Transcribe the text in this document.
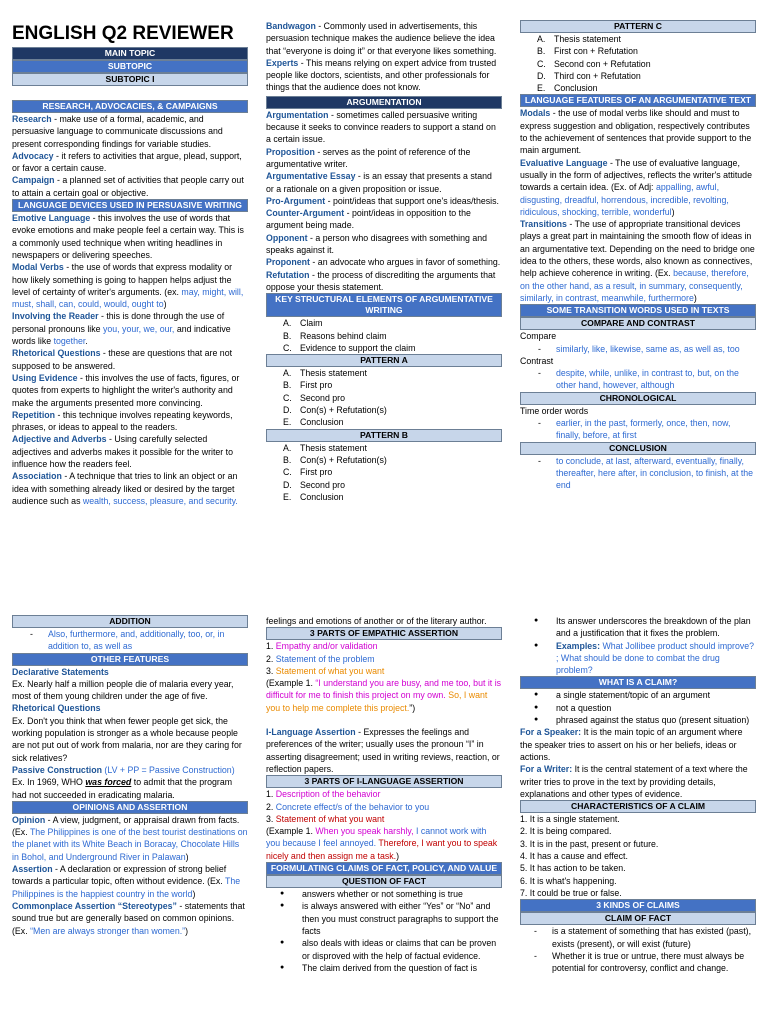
ENGLISH Q2 REVIEWER
MAIN TOPIC
SUBTOPIC
SUBTOPIC I
RESEARCH, ADVOCACIES, & CAMPAIGNS

Research - make use of a formal, academic, and persuasive language to communicate discussions and present corresponding findings for variable studies.

Advocacy - it refers to activities that argue, plead, support, or favor a certain cause.

Campaign - a planned set of activities that people carry out to attain a certain goal or objective.

LANGUAGE DEVICES USED IN PERSUASIVE WRITING

Emotive Language - this involves the use of words that evoke emotions and make people feel a certain way. This is a commonly used technique when writing headlines in newspapers or delivering speeches.

Modal Verbs - the use of words that express modality or how likely something is going to happen helps adjust the level of certainty of writer's arguments. (ex. may, might, will, must, shall, can, could, would, ought to)

Involving the Reader - this is done through the use of personal pronouns like you, your, we, our, and indicative words like together.

Rhetorical Questions - these are questions that are not supposed to be answered.

Using Evidence - this involves the use of facts, figures, or quotes from experts to highlight the writer's authority and make the arguments presented more convincing.

Repetition - this technique involves repeating keywords, phrases, or ideas to appeal to the readers.

Adjective and Adverbs - Using carefully selected adjectives and adverbs makes it possible for the writer to influence how the readers feel.

Association - A technique that tries to link an object or an idea with something already liked or desired by the target audience such as wealth, success, pleasure, and security.

Bandwagon - Commonly used in advertisements, this persuasion technique makes the audience believe the idea that “everyone is doing it” or that everyone likes something.

Experts - This means relying on expert advice from trusted people like doctors, scientists, and other professionals for things that the audience does not know.

ARGUMENTATION

Argumentation - sometimes called persuasive writing because it seeks to convince readers to support a stand on a certain issue.

Proposition - serves as the point of reference of the argumentative writer.

Argumentative Essay - is an essay that presents a stand or a rationale on a given proposition or issue.

Pro-Argument - point/ideas that support one's ideas/thesis.

Counter-Argument - point/ideas in opposition to the argument being made.

Opponent - a person who disagrees with something and speaks against it.

Proponent - an advocate who argues in favor of something.

Refutation - the process of discrediting the arguments that oppose your thesis statement.

KEY STRUCTURAL ELEMENTS OF ARGUMENTATIVE WRITING
A. Claim
B. Reasons behind claim
C. Evidence to support the claim
PATTERN A
A. Thesis statement
B. First pro
C. Second pro
D. Con(s) + Refutation(s)
E. Conclusion
PATTERN B
A. Thesis statement
B. Con(s) + Refutation(s)
C. First pro
D. Second pro
E. Conclusion
PATTERN C
A. Thesis statement
B. First con + Refutation
C. Second con + Refutation
D. Third con + Refutation
E. Conclusion
LANGUAGE FEATURES OF AN ARGUMENTATIVE TEXT

Modals - the use of modal verbs like should and must to express suggestion and obligation, respectively contributes to the achievement of sentences that provide support to the main argument.

Evaluative Language - The use of evaluative language, usually in the form of adjectives, reflects the writer's attitude towards a certain idea. (Ex. of Adj: appalling, awful, disgusting, dreadful, horrendous, incredible, revolting, ridiculous, shocking, terrible, wonderful)

Transitions - The use of appropriate transitional devices plays a great part in maintaining the smooth flow of ideas in an argumentative text. Depending on the need to bridge one idea to the others, these words, also known as connectives, help achieve coherence in writing. (Ex. because, therefore, on the other hand, as a result, in summary, consequently, similarly, in contrast, meanwhile, furthermore)

SOME TRANSITION WORDS USED IN TEXTS
COMPARE AND CONTRAST

Compare

- similarly, like, likewise, same as, as well as, too

Contrast

- despite, while, unlike, in contrast to, but, on the other hand, however, although
CHRONOLOGICAL

Time order words

- earlier, in the past, formerly, once, then, now, finally, before, at first
CONCLUSION
- to conclude, at last, afterward, eventually, finally, thereafter, here after, in conclusion, to finish, at the end
ADDITION
- Also, furthermore, and, additionally, too, or, in addition to, as well as
OTHER FEATURES

Declarative Statements

Ex. Nearly half a million people die of malaria every year, most of them young children under the age of five.

Rhetorical Questions

Ex. Don't you think that when fewer people get sick, the working population is stronger as a whole because people are not put out of work from malaria, nor are they caring for sick relatives?

Passive Construction (LV + PP = Passive Construction)

Ex. In 1969, WHO was forced to admit that the program had not succeeded in eradicating malaria.

OPINIONS AND ASSERTION

Opinion - A view, judgment, or appraisal drawn from facts. (Ex. The Philippines is one of the best tourist destinations on the planet with its White Beach in Boracay, Chocolate Hills in Bohol, and Underground River in Palawan)

Assertion - A declaration or expression of strong belief towards a particular topic, often without evidence. (Ex. The Philippines is the happiest country in the world)

Commonplace Assertion “Stereotypes” - statements that sound true but are generally based on common opinions. (Ex. “Men are always stronger than women.”)

feelings and emotions of another or of the literary author.

3 PARTS OF EMPATHIC ASSERTION

1. Empathy and/or validation

2. Statement of the problem

3. Statement of what you want

(Example 1. “I understand you are busy, and me too, but it is difficult for me to finish this project on my own. So, I want you to help me complete this project.”)

I-Language Assertion - Expresses the feelings and preferences of the writer; usually uses the pronoun “I” in asserting disagreement; used in writing reviews, reaction, or reflection papers.

3 PARTS OF I-LANGUAGE ASSERTION

1. Description of the behavior

2. Concrete effect/s of the behavior to you

3. Statement of what you want

(Example 1. When you speak harshly, I cannot work with you because I feel annoyed. Therefore, I want you to speak nicely and then assign me a task.)

FORMULATING CLAIMS OF FACT, POLICY, AND VALUE
QUESTION OF FACT
● answers whether or not something is true
● is always answered with either “Yes” or “No” and then you must construct paragraphs to support the facts
● also deals with ideas or claims that can be proven or disproved with the help of factual evidence.
● The claim derived from the question of fact is
● Its answer underscores the breakdown of the plan and a justification that it fixes the problem.
● Examples: What Jollibee product should improve? ; What should be done to combat the drug problem?
WHAT IS A CLAIM?
● a single statement/topic of an argument
● not a question
● phrased against the status quo (present situation)

For a Speaker: It is the main topic of an argument where the speaker tries to assert on his or her beliefs, ideas or actions.

For a Writer: It is the central statement of a text where the writer tries to prove in the text by providing details, explanations and other types of evidence.

CHARACTERISTICS OF A CLAIM

1. It is a single statement.

2. It is being compared.

3. It is in the past, present or future.

4. It has a cause and effect.

5. It has action to be taken.

6. It is what's happening.

7. It could be true or false.

3 KINDS OF CLAIMS
CLAIM OF FACT
- is a statement of something that has existed (past), exists (present), or will exist (future)
- Whether it is true or untrue, there must always be potential for controversy, conflict and change.
